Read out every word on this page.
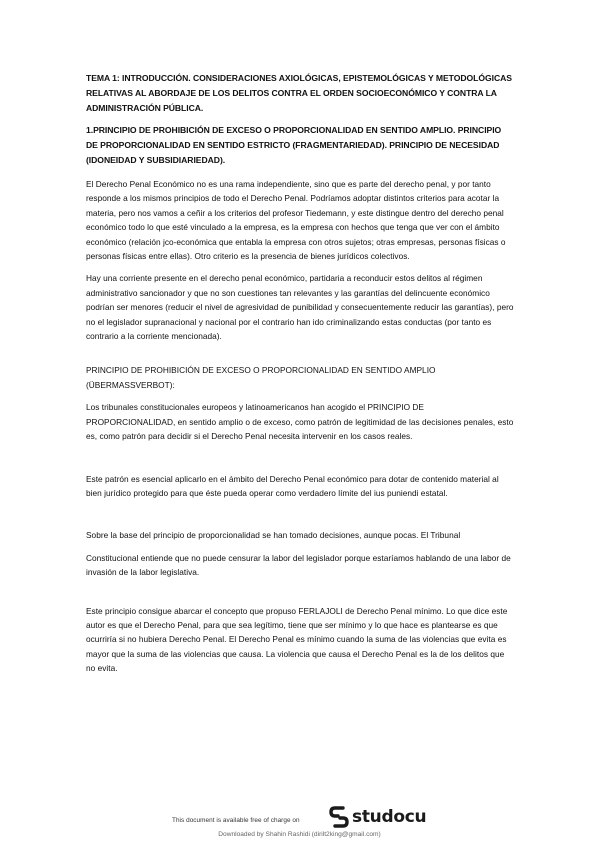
TEMA 1: INTRODUCCIÓN. CONSIDERACIONES AXIOLÓGICAS, EPISTEMOLÓGICAS Y METODOLÓGICAS RELATIVAS AL ABORDAJE DE LOS DELITOS CONTRA EL ORDEN SOCIOECONÓMICO Y CONTRA LA ADMINISTRACIÓN PÚBLICA.

1.PRINCIPIO DE PROHIBICIÓN DE EXCESO O PROPORCIONALIDAD EN SENTIDO AMPLIO. PRINCIPIO DE PROPORCIONALIDAD EN SENTIDO ESTRICTO (FRAGMENTARIEDAD). PRINCIPIO DE NECESIDAD (IDONEIDAD Y SUBSIDIARIEDAD).

El Derecho Penal Económico no es una rama independiente, sino que es parte del derecho penal, y por tanto responde a los mismos principios de todo el Derecho Penal. Podríamos adoptar distintos criterios para acotar la materia, pero nos vamos a ceñir a los criterios del profesor Tiedemann, y este distingue dentro del derecho penal económico todo lo que esté vinculado a la empresa, es la empresa con hechos que tenga que ver con el ámbito económico (relación jco-económica que entabla la empresa con otros sujetos; otras empresas, personas físicas o personas físicas entre ellas). Otro criterio es la presencia de bienes jurídicos colectivos.

Hay una corriente presente en el derecho penal económico, partidaria a reconducir estos delitos al régimen administrativo sancionador y que no son cuestiones tan relevantes y las garantías del delincuente económico podrían ser menores (reducir el nivel de agresividad de punibilidad y consecuentemente reducir las garantías), pero no el legislador supranacional y nacional por el contrario han ido criminalizando estas conductas (por tanto es contrario a la corriente mencionada).

PRINCIPIO DE PROHIBICIÓN DE EXCESO O PROPORCIONALIDAD EN SENTIDO AMPLIO (ÜBERMASSVERBOT):

Los tribunales constitucionales europeos y latinoamericanos han acogido el PRINCIPIO DE PROPORCIONALIDAD, en sentido amplio o de exceso, como patrón de legitimidad de las decisiones penales, esto es, como patrón para decidir si el Derecho Penal necesita intervenir en los casos reales.

Este patrón es esencial aplicarlo en el ámbito del Derecho Penal económico para dotar de contenido material al bien jurídico protegido para que éste pueda operar como verdadero límite del ius puniendi estatal.

Sobre la base del principio de proporcionalidad se han tomado decisiones, aunque pocas. El Tribunal

Constitucional entiende que no puede censurar la labor del legislador porque estaríamos hablando de una labor de invasión de la labor legislativa.

Este principio consigue abarcar el concepto que propuso FERLAJOLI de Derecho Penal mínimo. Lo que dice este autor es que el Derecho Penal, para que sea legítimo, tiene que ser mínimo y lo que hace es plantearse es que ocurriría si no hubiera Derecho Penal. El Derecho Penal es mínimo cuando la suma de las violencias que evita es mayor que la suma de las violencias que causa. La violencia que causa el Derecho Penal es la de los delitos que no evita.

This document is available free of charge on	studocu
Downloaded by Shahin Rashidi (dirilt2king@gmail.com)
